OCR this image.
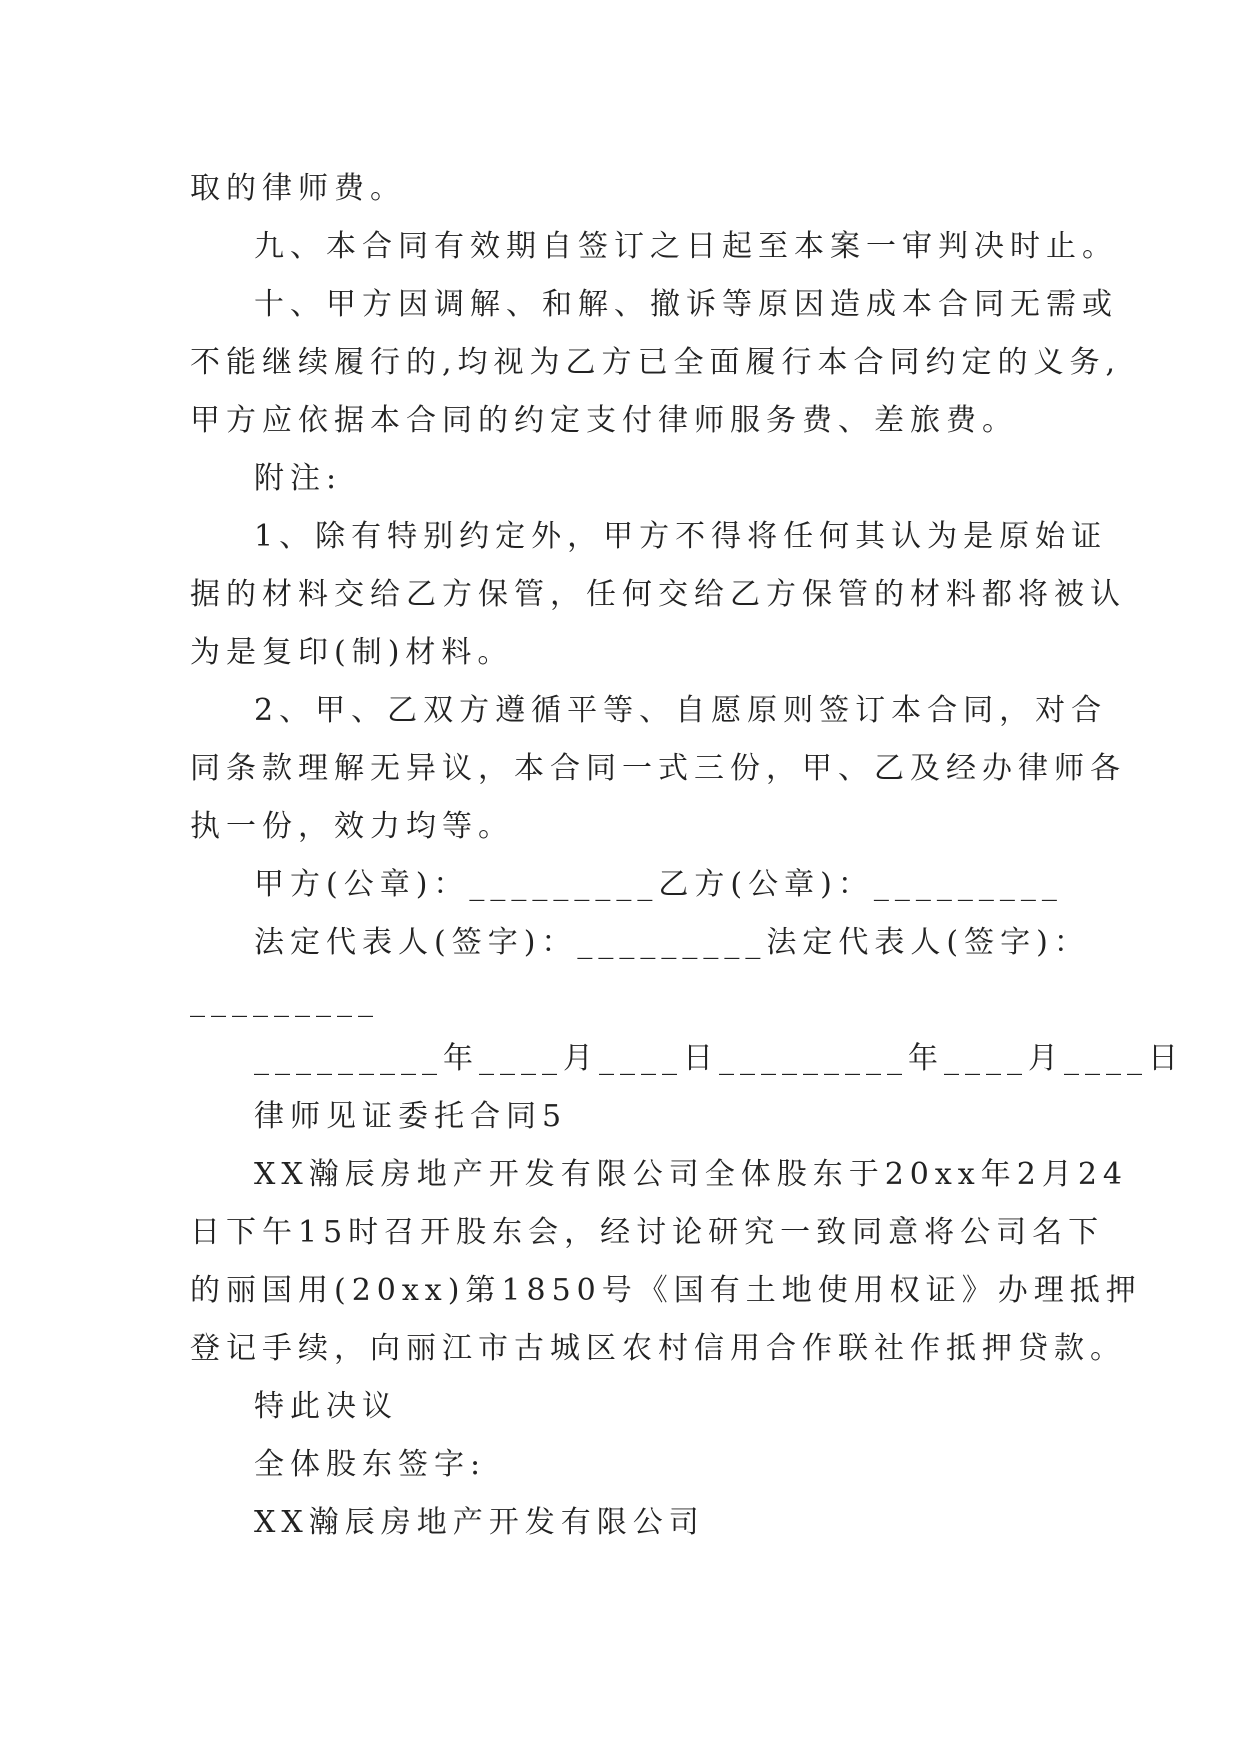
取的律师费。
九、本合同有效期自签订之日起至本案一审判决时止。
十、甲方因调解、和解、撤诉等原因造成本合同无需或
不能继续履行的,均视为乙方已全面履行本合同约定的义务,
甲方应依据本合同的约定支付律师服务费、差旅费。
附注:
1、除有特别约定外，甲方不得将任何其认为是原始证
据的材料交给乙方保管，任何交给乙方保管的材料都将被认
为是复印(制)材料。
2、甲、乙双方遵循平等、自愿原则签订本合同，对合
同条款理解无异议，本合同一式三份，甲、乙及经办律师各
执一份，效力均等。
甲方(公章)：_________乙方(公章)：_________
法定代表人(签字)：_________法定代表人(签字)：
_________
_________年____月____日_________年____月____日
律师见证委托合同5
XX瀚辰房地产开发有限公司全体股东于20xx年2月24
日下午15时召开股东会，经讨论研究一致同意将公司名下
的丽国用(20xx)第1850号《国有土地使用权证》办理抵押
登记手续，向丽江市古城区农村信用合作联社作抵押贷款。
特此决议
全体股东签字:
XX瀚辰房地产开发有限公司
